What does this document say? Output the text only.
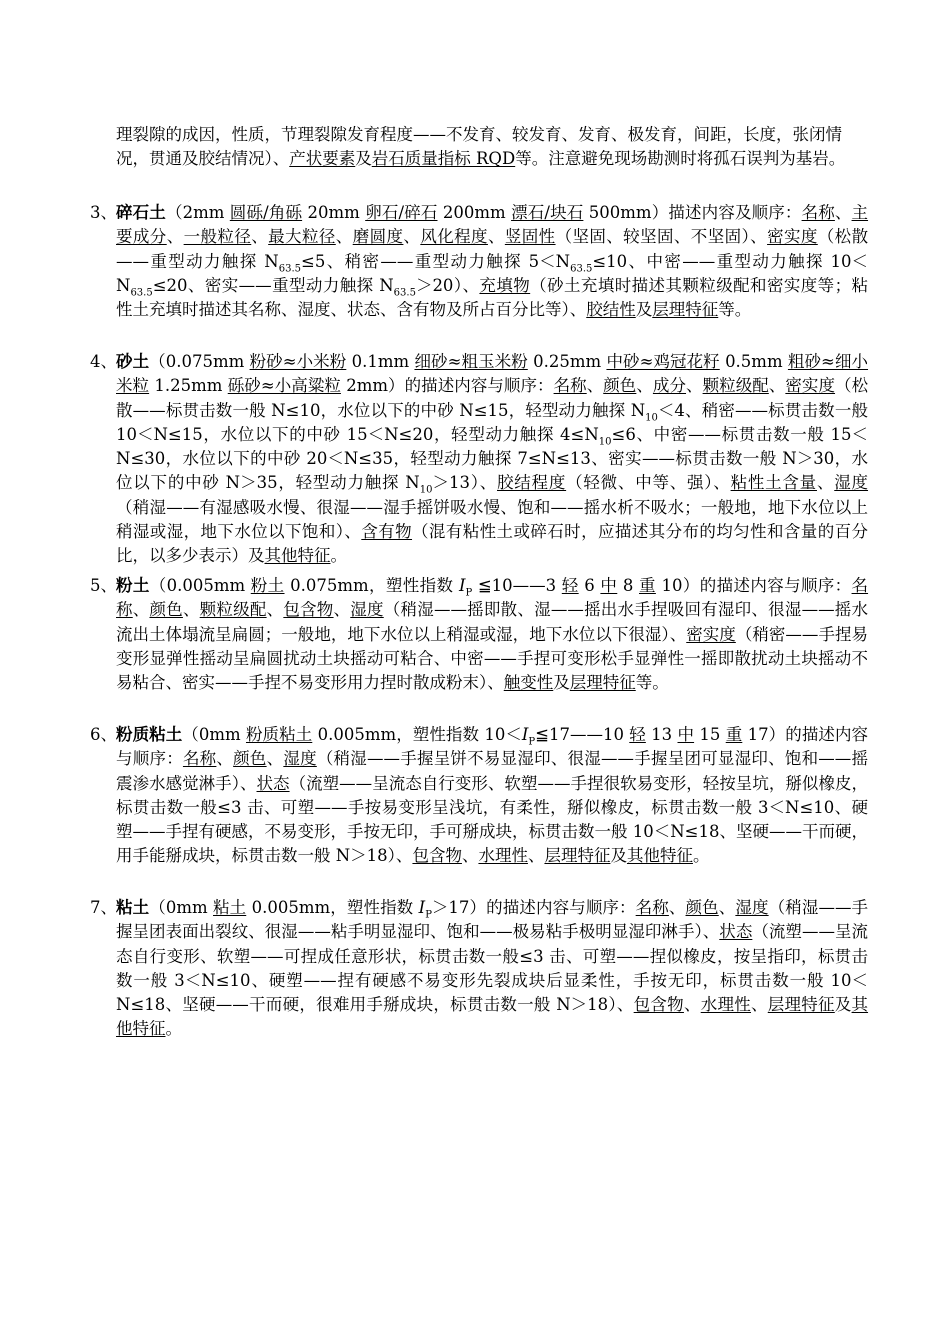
理裂隙的成因，性质，节理裂隙发育程度——不发育、较发育、发育、极发育，间距，长度，张闭情况，贯通及胶结情况）、产状要素及岩石质量指标 RQD等。注意避免现场勘测时将孤石误判为基岩。
3、 碎石土（2mm 圆砾/角砾 20mm 卵石/碎石 200mm 漂石/块石 500mm）描述内容及顺序：名称、主要成分、一般粒径、最大粒径、磨圆度、风化程度、竖固性（坚固、较坚固、不坚固）、密实度（松散——重型动力触探 $N_{63.5}\le 5$、稍密——重型动力触探 $5<N_{63.5}\le 10$、中密——重型动力触探 $10<N_{63.5}\le 20$、密实——重型动力触探 $N_{63.5}>20$）、充填物（砂土充填时描述其颗粒级配和密实度等；粘性土充填时描述其名称、湿度、状态、含有物及所占百分比等）、胶结性及层理特征等。
4、 砂土（0.075mm 粉砂≈小米粉 0.1mm 细砂≈粗玉米粉 0.25mm 中砂≈鸡冠花籽 0.5mm 粗砂≈细小米粒 1.25mm 砾砂≈小高粱粒 2mm）的描述内容与顺序：名称、颜色、成分、颗粒级配、密实度（松散——标贯击数一般 N≤10，水位以下的中砂 N≤15，轻型动力触探 $N_{10}<4$、稍密——标贯击数一般 10＜N≤15，水位以下的中砂 15＜N≤20，轻型动力触探 $4\le N_{10}\le 6$、中密——标贯击数一般 15＜N≤30，水位以下的中砂 20＜N≤35，轻型动力触探 7≤N≤13、密实——标贯击数一般 N＞30，水位以下的中砂 N＞35，轻型动力触探 $N_{10}>13$）、胶结程度（轻微、中等、强）、粘性土含量、湿度（稍湿——有湿感吸水慢、很湿——湿手摇饼吸水慢、饱和——摇水析不吸水；一般地，地下水位以上稍湿或湿，地下水位以下饱和）、含有物（混有粘性土或碎石时，应描述其分布的均匀性和含量的百分比，以多少表示）及其他特征。
5、 粉土（0.005mm 粉土 0.075mm，塑性指数 $I_P$ ≦10——3 轻 6 中 8 重 10）的描述内容与顺序：名称、颜色、颗粒级配、包含物、湿度（稍湿——摇即散、湿——摇出水手捏吸回有湿印、很湿——摇水流出土体塌流呈扁圆；一般地，地下水位以上稍湿或湿，地下水位以下很湿）、密实度（稍密——手捏易变形显弹性摇动呈扁圆扰动土块摇动可粘合、中密——手捏可变形松手显弹性一摇即散扰动土块摇动不易粘合、密实——手捏不易变形用力捏时散成粉末）、触变性及层理特征等。
6、 粉质粘土（0mm 粉质粘土 0.005mm，塑性指数 $10<I_P≦17——10$ 轻 13 中 15 重 17）的描述内容与顺序：名称、颜色、湿度（稍湿——手握呈饼不易显湿印、很湿——手握呈团可显湿印、饱和——摇震渗水感觉淋手）、状态（流塑——呈流态自行变形、软塑——手捏很软易变形，轻按呈坑，掰似橡皮，标贯击数一般≤3 击、可塑——手按易变形呈浅坑，有柔性，掰似橡皮，标贯击数一般 3＜N≤10、硬塑——手捏有硬感，不易变形，手按无印，手可掰成块，标贯击数一般 10＜N≤18、坚硬——干而硬，用手能掰成块，标贯击数一般 N＞18）、包含物、水理性、层理特征及其他特征。
7、 粘土（0mm 粘土 0.005mm，塑性指数 $I_P>17$）的描述内容与顺序：名称、颜色、湿度（稍湿——手握呈团表面出裂纹、很湿——粘手明显湿印、饱和——极易粘手极明显湿印淋手）、状态（流塑——呈流态自行变形、软塑——可捏成任意形状，标贯击数一般≤3 击、可塑——捏似橡皮，按呈指印，标贯击数一般 3＜N≤10、硬塑——捏有硬感不易变形先裂成块后显柔性，手按无印，标贯击数一般 10＜N≤18、坚硬——干而硬，很难用手掰成块，标贯击数一般 N＞18）、包含物、水理性、层理特征及其他特征。
